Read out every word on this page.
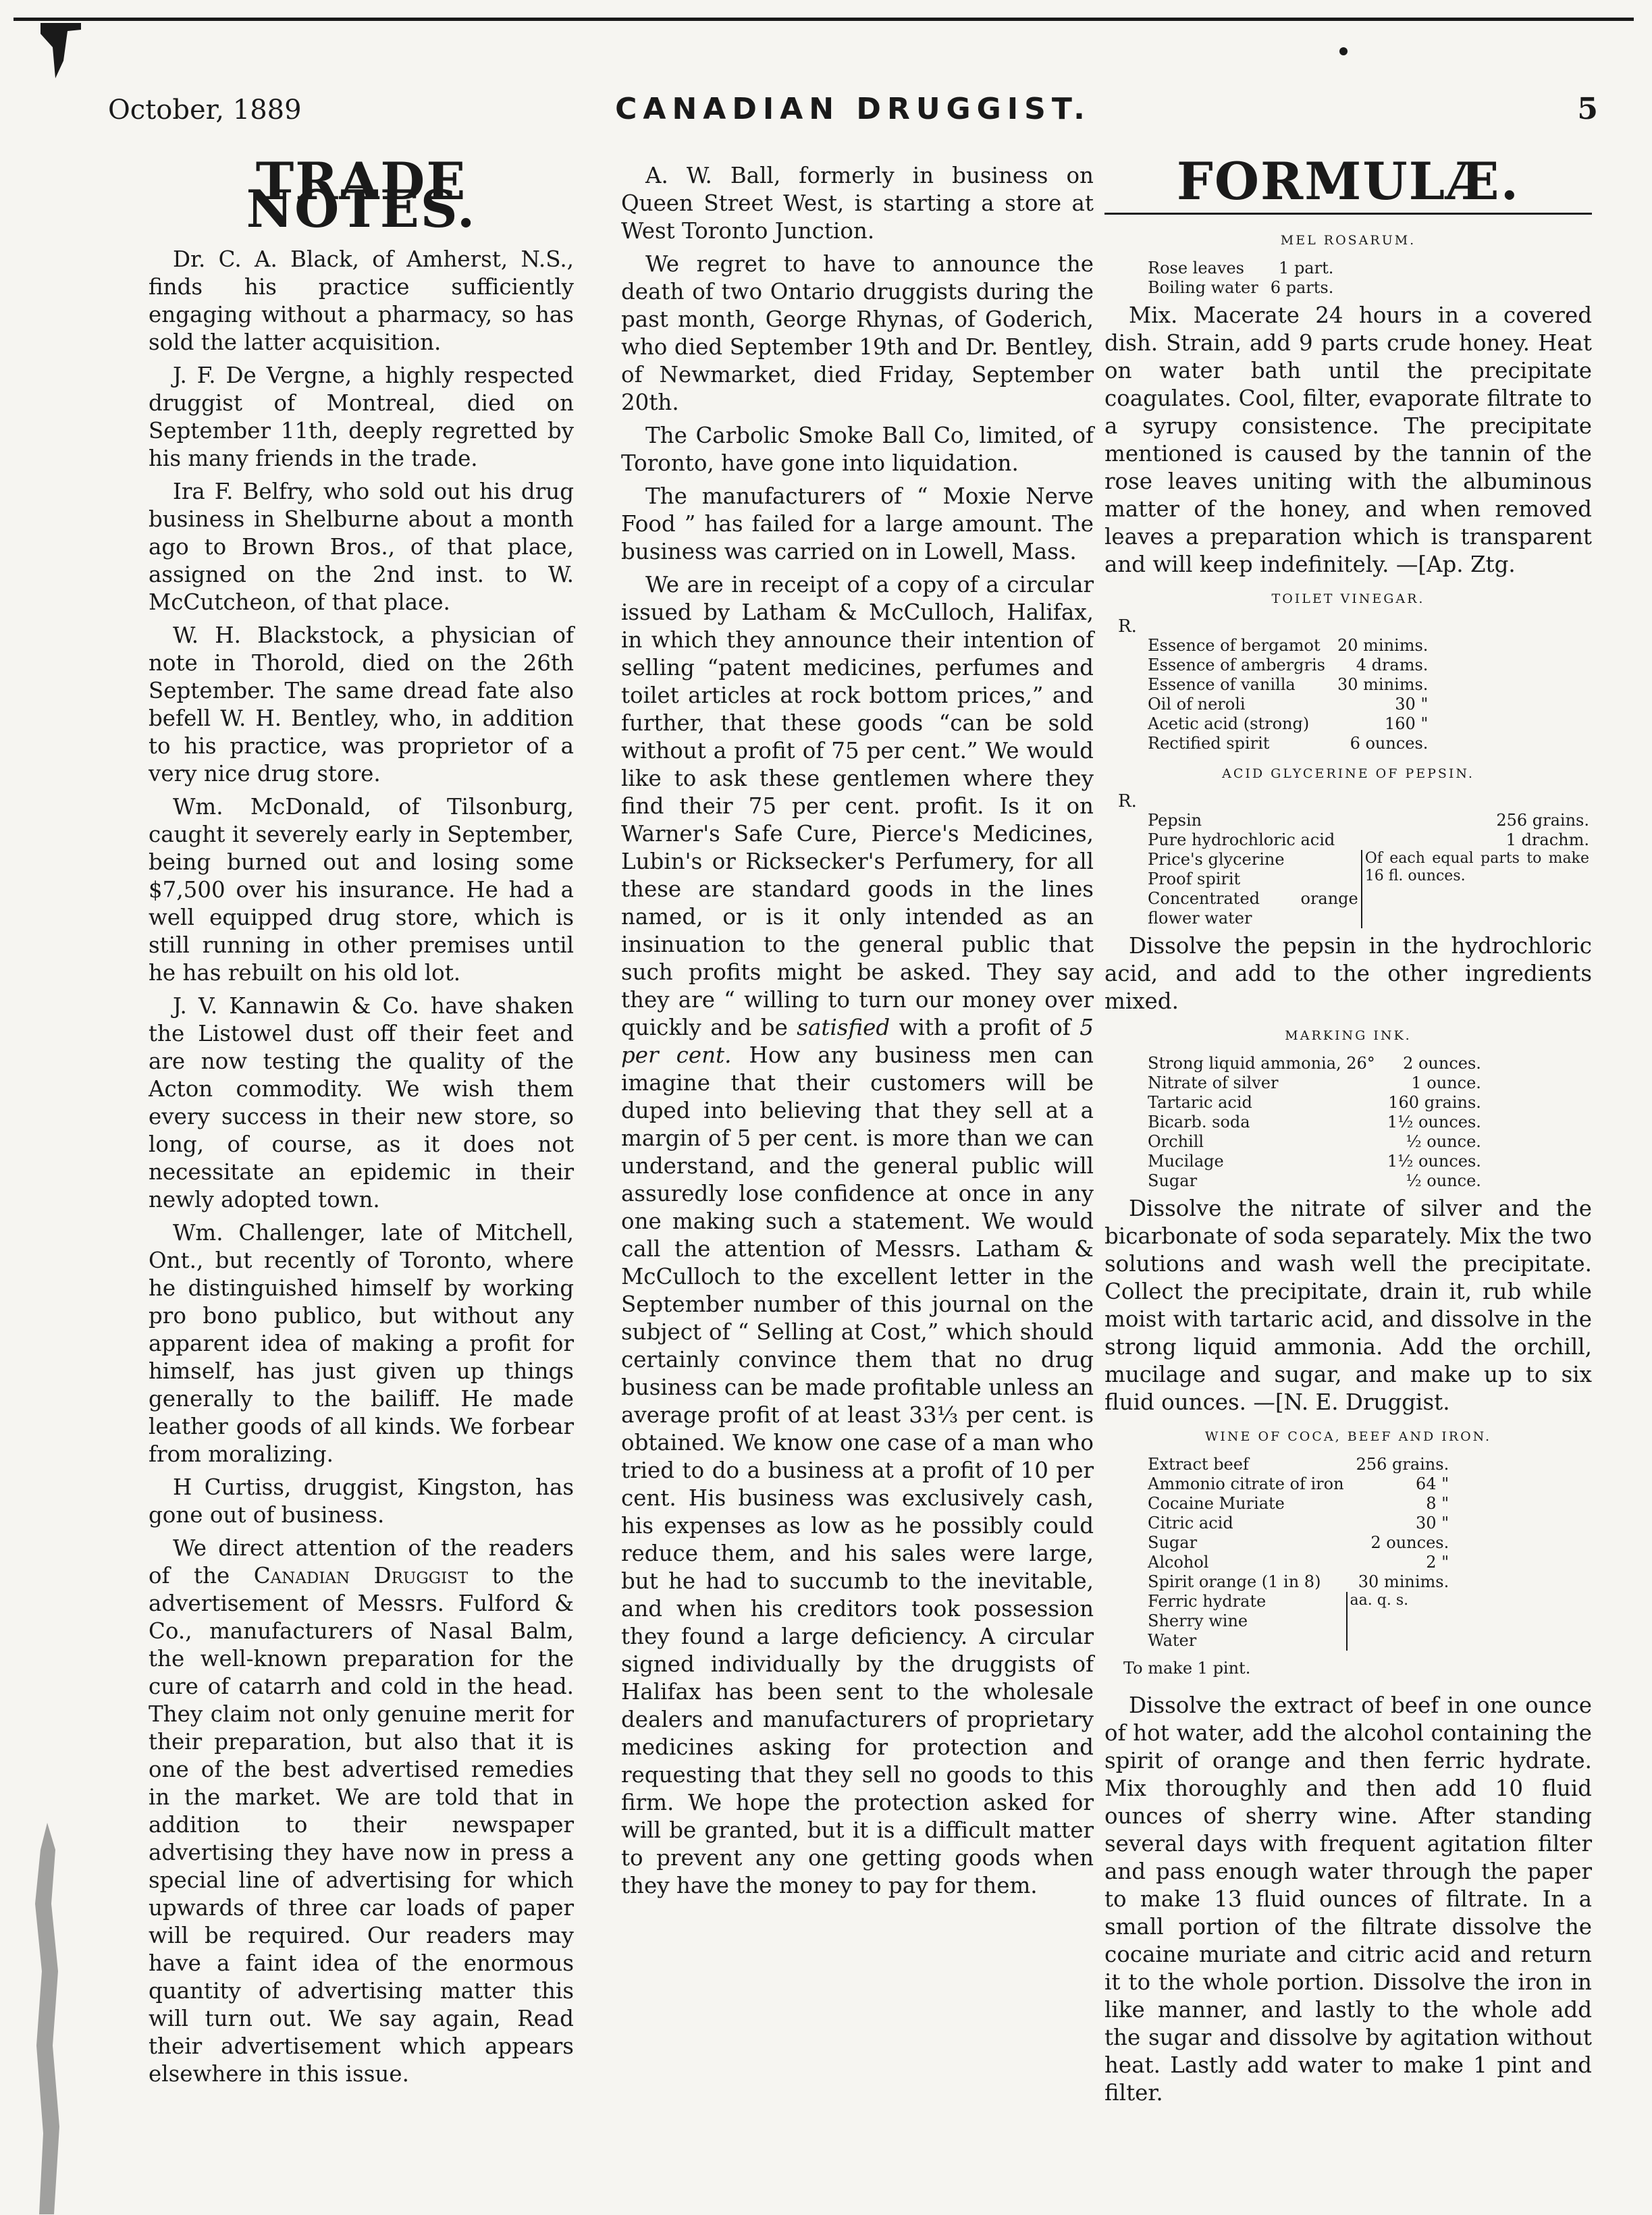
October, 1889	CANADIAN DRUGGIST.	5
TRADE NOTES.

Dr. C. A. Black, of Amherst, N.S., finds his practice sufficiently engaging without a pharmacy, so has sold the latter acquisition.

J. F. De Vergne, a highly respected druggist of Montreal, died on September 11th, deeply regretted by his many friends in the trade.

Ira F. Belfry, who sold out his drug business in Shelburne about a month ago to Brown Bros., of that place, assigned on the 2nd inst. to W. McCutcheon, of that place.

W. H. Blackstock, a physician of note in Thorold, died on the 26th September. The same dread fate also befell W. H. Bentley, who, in addition to his practice, was proprietor of a very nice drug store.

Wm. McDonald, of Tilsonburg, caught it severely early in September, being burned out and losing some $7,500 over his insurance. He had a well equipped drug store, which is still running in other premises until he has rebuilt on his old lot.

J. V. Kannawin & Co. have shaken the Listowel dust off their feet and are now testing the quality of the Acton commodity. We wish them every success in their new store, so long, of course, as it does not necessitate an epidemic in their newly adopted town.

Wm. Challenger, late of Mitchell, Ont., but recently of Toronto, where he distinguished himself by working pro bono publico, but without any apparent idea of making a profit for himself, has just given up things generally to the bailiff. He made leather goods of all kinds. We forbear from moralizing.

H Curtiss, druggist, Kingston, has gone out of business.

We direct attention of the readers of the Canadian Druggist to the advertisement of Messrs. Fulford & Co., manufacturers of Nasal Balm, the well-known preparation for the cure of catarrh and cold in the head. They claim not only genuine merit for their preparation, but also that it is one of the best advertised remedies in the market. We are told that in addition to their newspaper advertising they have now in press a special line of advertising for which upwards of three car loads of paper will be required. Our readers may have a faint idea of the enormous quantity of advertising matter this will turn out. We say again, Read their advertisement which appears elsewhere in this issue.

A. W. Ball, formerly in business on Queen Street West, is starting a store at West Toronto Junction.

We regret to have to announce the death of two Ontario druggists during the past month, George Rhynas, of Goderich, who died September 19th and Dr. Bentley, of Newmarket, died Friday, September 20th.

The Carbolic Smoke Ball Co, limited, of Toronto, have gone into liquidation.

The manufacturers of “ Moxie Nerve Food ” has failed for a large amount. The business was carried on in Lowell, Mass.

We are in receipt of a copy of a circular issued by Latham & McCulloch, Halifax, in which they announce their intention of selling “patent medicines, perfumes and toilet articles at rock bottom prices,” and further, that these goods “can be sold without a profit of 75 per cent.” We would like to ask these gentlemen where they find their 75 per cent. profit. Is it on Warner's Safe Cure, Pierce's Medicines, Lubin's or Ricksecker's Perfumery, for all these are standard goods in the lines named, or is it only intended as an insinuation to the general public that such profits might be asked. They say they are “ willing to turn our money over quickly and be satisfied with a profit of 5 per cent. How any business men can imagine that their customers will be duped into believing that they sell at a margin of 5 per cent. is more than we can understand, and the general public will assuredly lose confidence at once in any one making such a statement. We would call the attention of Messrs. Latham & McCulloch to the excellent letter in the September number of this journal on the subject of “ Selling at Cost,” which should certainly convince them that no drug business can be made profitable unless an average profit of at least 33⅓ per cent. is obtained. We know one case of a man who tried to do a business at a profit of 10 per cent. His business was exclusively cash, his expenses as low as he possibly could reduce them, and his sales were large, but he had to succumb to the inevitable, and when his creditors took possession they found a large deficiency. A circular signed individually by the druggists of Halifax has been sent to the wholesale dealers and manufacturers of proprietary medicines asking for protection and requesting that they sell no goods to this firm. We hope the protection asked for will be granted, but it is a difficult matter to prevent any one getting goods when they have the money to pay for them.

FORMULÆ.
MEL ROSARUM.
Rose leaves	1 part.
Boiling water	6 parts.

Mix. Macerate 24 hours in a covered dish. Strain, add 9 parts crude honey. Heat on water bath until the precipitate coagulates. Cool, filter, evaporate filtrate to a syrupy consistence. The precipitate mentioned is caused by the tannin of the rose leaves uniting with the albuminous matter of the honey, and when removed leaves a preparation which is transparent and will keep indefinitely. —[Ap. Ztg.

TOILET VINEGAR.
R.
Essence of bergamot	20 minims.
Essence of ambergris	4 drams.
Essence of vanilla	30 minims.
Oil of neroli	30 "
Acetic acid (strong)	160 "
Rectified spirit	6 ounces.
ACID GLYCERINE OF PEPSIN.
R.
Pepsin	256 grains.
Pure hydrochloric acid	1 drachm.
Price's glycerine	Of each equal parts to make 16 fl. ounces.
Proof spirit	
Concentrated orange flower water	

Dissolve the pepsin in the hydrochloric acid, and add to the other ingredients mixed.

MARKING INK.
Strong liquid ammonia, 26°	2 ounces.
Nitrate of silver	1 ounce.
Tartaric acid	160 grains.
Bicarb. soda	1½ ounces.
Orchill	½ ounce.
Mucilage	1½ ounces.
Sugar	½ ounce.

Dissolve the nitrate of silver and the bicarbonate of soda separately. Mix the two solutions and wash well the precipitate. Collect the precipitate, drain it, rub while moist with tartaric acid, and dissolve in the strong liquid ammonia. Add the orchill, mucilage and sugar, and make up to six fluid ounces. —[N. E. Druggist.

WINE OF COCA, BEEF AND IRON.
Extract beef	256 grains.
Ammonio citrate of iron	64 "
Cocaine Muriate	8 "
Citric acid	30 "
Sugar	2 ounces.
Alcohol	2 "
Spirit orange (1 in 8)	30 minims.
Ferric hydrate	aa. q. s.
Sherry wine	
Water	
To make 1 pint.

Dissolve the extract of beef in one ounce of hot water, add the alcohol containing the spirit of orange and then ferric hydrate. Mix thoroughly and then add 10 fluid ounces of sherry wine. After standing several days with frequent agitation filter and pass enough water through the paper to make 13 fluid ounces of filtrate. In a small portion of the filtrate dissolve the cocaine muriate and citric acid and return it to the whole portion. Dissolve the iron in like manner, and lastly to the whole add the sugar and dissolve by agitation without heat. Lastly add water to make 1 pint and filter.
